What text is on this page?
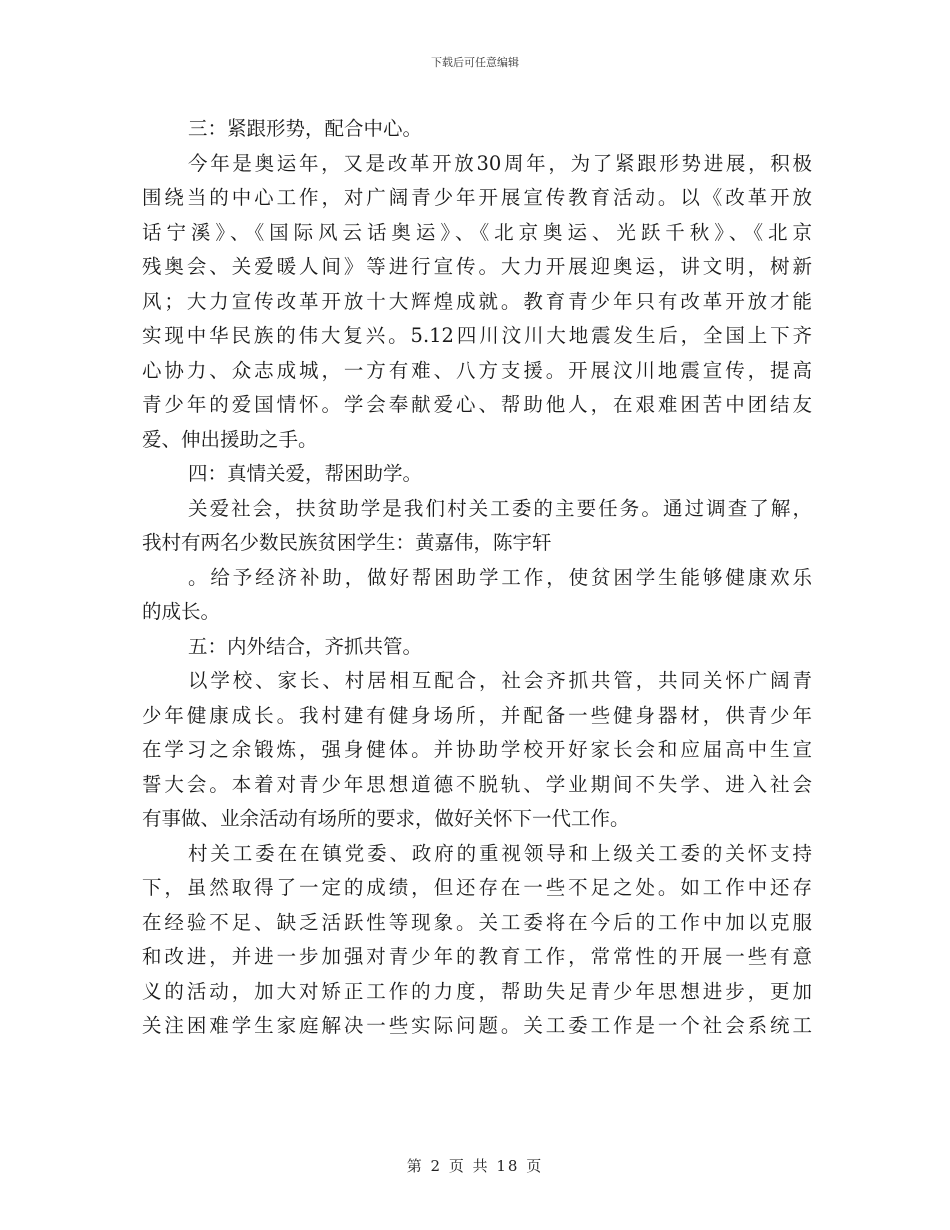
下载后可任意编辑
三：紧跟形势，配合中心。
今年是奥运年，又是改革开放30周年，为了紧跟形势进展，积极
围绕当的中心工作，对广阔青少年开展宣传教育活动。以《改革开放
话宁溪》、《国际风云话奥运》、《北京奥运、光跃千秋》、《北京
残奥会、关爱暖人间》等进行宣传。大力开展迎奥运，讲文明，树新
风；大力宣传改革开放十大辉煌成就。教育青少年只有改革开放才能
实现中华民族的伟大复兴。5.12四川汶川大地震发生后，全国上下齐
心协力、众志成城，一方有难、八方支援。开展汶川地震宣传，提高
青少年的爱国情怀。学会奉献爱心、帮助他人，在艰难困苦中团结友
爱、伸出援助之手。
四：真情关爱，帮困助学。
关爱社会，扶贫助学是我们村关工委的主要任务。通过调查了解，
我村有两名少数民族贫困学生：黄嘉伟，陈宇轩
。给予经济补助，做好帮困助学工作，使贫困学生能够健康欢乐
的成长。
五：内外结合，齐抓共管。
以学校、家长、村居相互配合，社会齐抓共管，共同关怀广阔青
少年健康成长。我村建有健身场所，并配备一些健身器材，供青少年
在学习之余锻炼，强身健体。并协助学校开好家长会和应届高中生宣
誓大会。本着对青少年思想道德不脱轨、学业期间不失学、进入社会
有事做、业余活动有场所的要求，做好关怀下一代工作。
村关工委在在镇党委、政府的重视领导和上级关工委的关怀支持
下，虽然取得了一定的成绩，但还存在一些不足之处。如工作中还存
在经验不足、缺乏活跃性等现象。关工委将在今后的工作中加以克服
和改进，并进一步加强对青少年的教育工作，常常性的开展一些有意
义的活动，加大对矫正工作的力度，帮助失足青少年思想进步，更加
关注困难学生家庭解决一些实际问题。关工委工作是一个社会系统工
第 2 页 共 18 页
